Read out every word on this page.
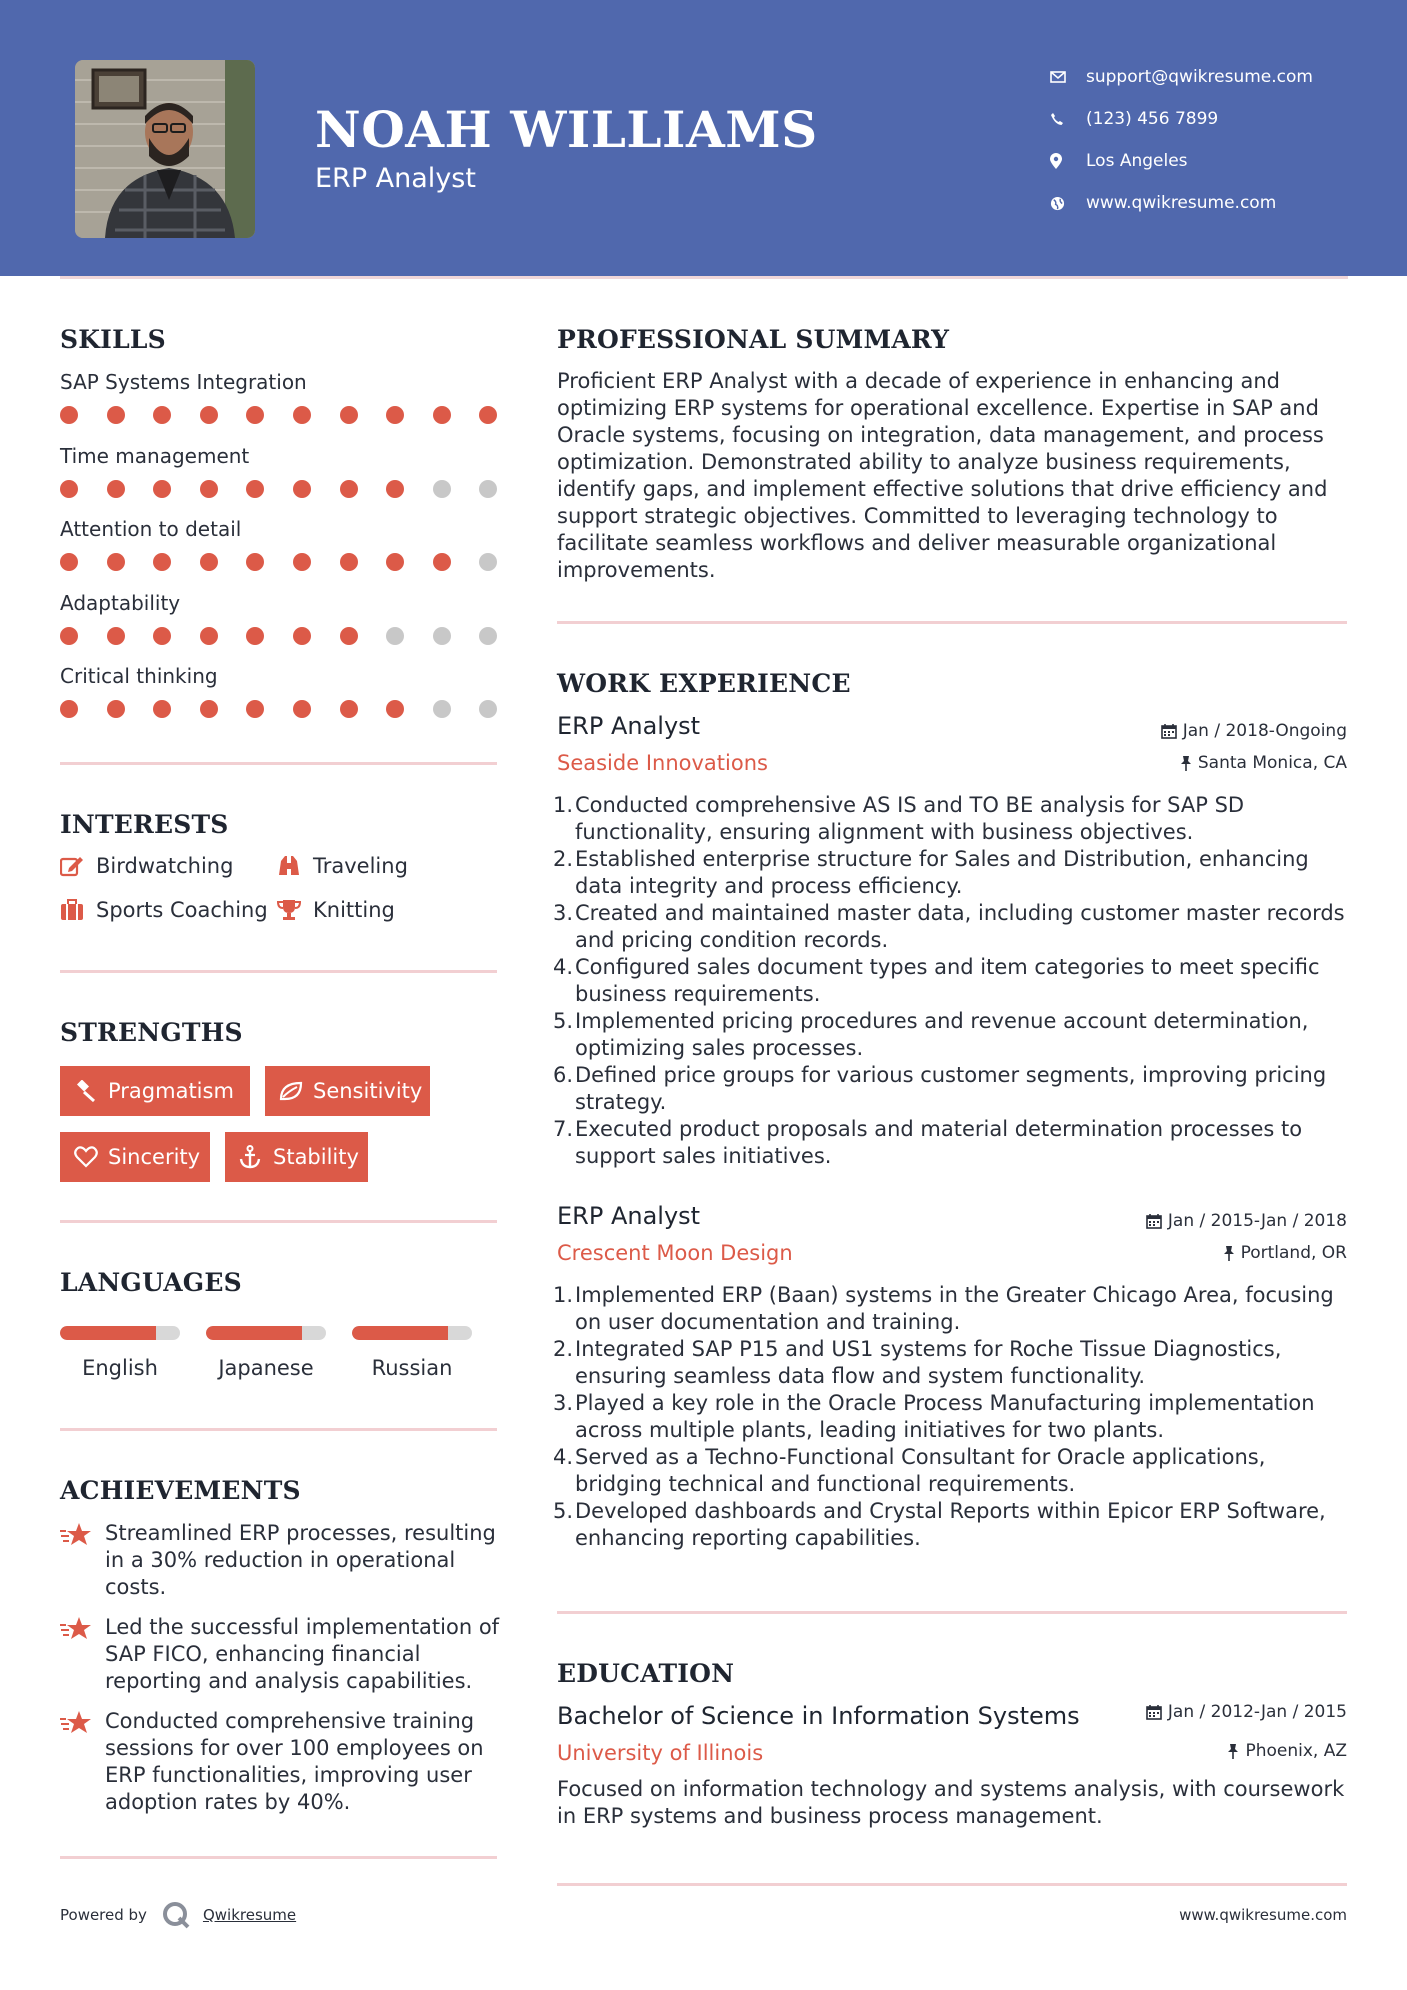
NOAH WILLIAMS
ERP Analyst
support@qwikresume.com
(123) 456 7899
Los Angeles
www.qwikresume.com
SKILLS
SAP Systems Integration
Time management
Attention to detail
Adaptability
Critical thinking
INTERESTS
Birdwatching	Traveling
Sports Coaching Knitting
STRENGTHS
Pragmatism	Sensitivity
Sincerity	Stability
LANGUAGES
English	Japanese	Russian
ACHIEVEMENTS
Streamlined ERP processes, resulting in a 30% reduction in operational costs.
Led the successful implementation of SAP FICO, enhancing financial reporting and analysis capabilities.
Conducted comprehensive training sessions for over 100 employees on ERP functionalities, improving user adoption rates by 40%.
PROFESSIONAL SUMMARY
Proficient ERP Analyst with a decade of experience in enhancing and optimizing ERP systems for operational excellence. Expertise in SAP and Oracle systems, focusing on integration, data management, and process optimization. Demonstrated ability to analyze business requirements, identify gaps, and implement effective solutions that drive efficiency and support strategic objectives. Committed to leveraging technology to facilitate seamless workflows and deliver measurable organizational improvements.
WORK EXPERIENCE
ERP Analyst	Jan / 2018-Ongoing
Seaside Innovations	Santa Monica, CA
1. Conducted comprehensive AS IS and TO BE analysis for SAP SD functionality, ensuring alignment with business objectives.
2. Established enterprise structure for Sales and Distribution, enhancing data integrity and process efficiency.
3. Created and maintained master data, including customer master records and pricing condition records.
4. Configured sales document types and item categories to meet specific business requirements.
5. Implemented pricing procedures and revenue account determination, optimizing sales processes.
6. Defined price groups for various customer segments, improving pricing strategy.
7. Executed product proposals and material determination processes to support sales initiatives.
ERP Analyst	Jan / 2015-Jan / 2018
Crescent Moon Design	Portland, OR
1. Implemented ERP (Baan) systems in the Greater Chicago Area, focusing on user documentation and training.
2. Integrated SAP P15 and US1 systems for Roche Tissue Diagnostics, ensuring seamless data flow and system functionality.
3. Played a key role in the Oracle Process Manufacturing implementation across multiple plants, leading initiatives for two plants.
4. Served as a Techno-Functional Consultant for Oracle applications, bridging technical and functional requirements.
5. Developed dashboards and Crystal Reports within Epicor ERP Software, enhancing reporting capabilities.
EDUCATION
Bachelor of Science in Information Systems	Jan / 2012-Jan / 2015
University of Illinois	Phoenix, AZ
Focused on information technology and systems analysis, with coursework in ERP systems and business process management.
Powered by	Qwikresume	www.qwikresume.com
